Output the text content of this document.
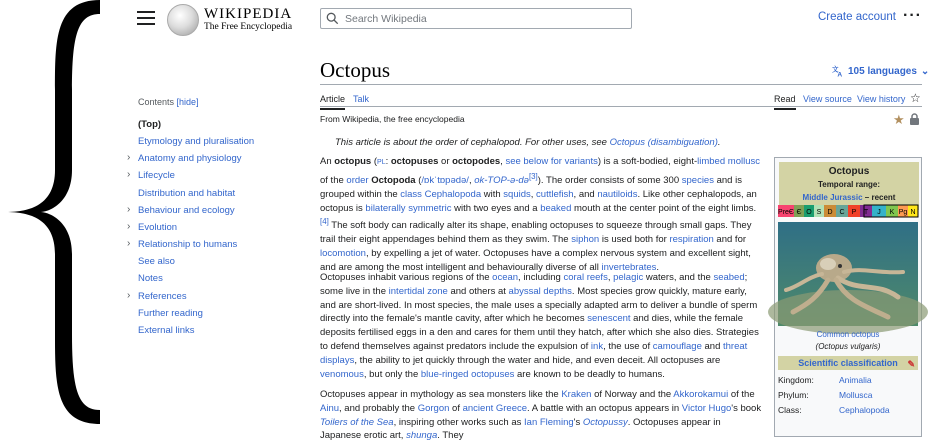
WIKIPEDIA
The Free Encyclopedia
Search Wikipedia
Create account ···
Contents [hide]
(Top)
Etymology and pluralisation
Anatomy and physiology
›
Lifecycle
›
Distribution and habitat
Behaviour and ecology
›
Evolution
›
Relationship to humans
›
See also
Notes
References
›
Further reading
External links
Octopus	文
A 105 languages ⌄
Article Talk	Read View source View history ☆
From Wikipedia, the free encyclopedia	★
This article is about the order of cephalopod. For other uses, see Octopus (disambiguation).
An octopus (PL: octopuses or octopodes, see below for variants) is a soft-bodied, eight-limbed mollusc of the order Octopoda (/ɒkˈtɒpədə/, ok-TOP-ə-də[3]). The order consists of some 300 species and is grouped within the class Cephalopoda with squids, cuttlefish, and nautiloids. Like other cephalopods, an octopus is bilaterally symmetric with two eyes and a beaked mouth at the center point of the eight limbs.[4] The soft body can radically alter its shape, enabling octopuses to squeeze through small gaps. They trail their eight appendages behind them as they swim. The siphon is used both for respiration and for locomotion, by expelling a jet of water. Octopuses have a complex nervous system and excellent sight, and are among the most intelligent and behaviourally diverse of all invertebrates.
Octopuses inhabit various regions of the ocean, including coral reefs, pelagic waters, and the seabed; some live in the intertidal zone and others at abyssal depths. Most species grow quickly, mature early, and are short-lived. In most species, the male uses a specially adapted arm to deliver a bundle of sperm directly into the female's mantle cavity, after which he becomes senescent and dies, while the female deposits fertilised eggs in a den and cares for them until they hatch, after which she also dies. Strategies to defend themselves against predators include the expulsion of ink, the use of camouflage and threat displays, the ability to jet quickly through the water and hide, and even deceit. All octopuses are venomous, but only the blue-ringed octopuses are known to be deadly to humans.
Octopuses appear in mythology as sea monsters like the Kraken of Norway and the Akkorokamui of the Ainu, and probably the Gorgon of ancient Greece. A battle with an octopus appears in Victor Hugo's book Toilers of the Sea, inspiring other works such as Ian Fleming's Octopussy. Octopuses appear in Japanese erotic art, shunga. They
Octopus
Temporal range:
Middle Jurassic – recent
PreЄ Є O S D C P T J K Pg N
Common octopus
(Octopus vulgaris)
Scientific classification ✎
Kingdom:	Animalia
Phylum:	Mollusca
Class:	Cephalopoda
